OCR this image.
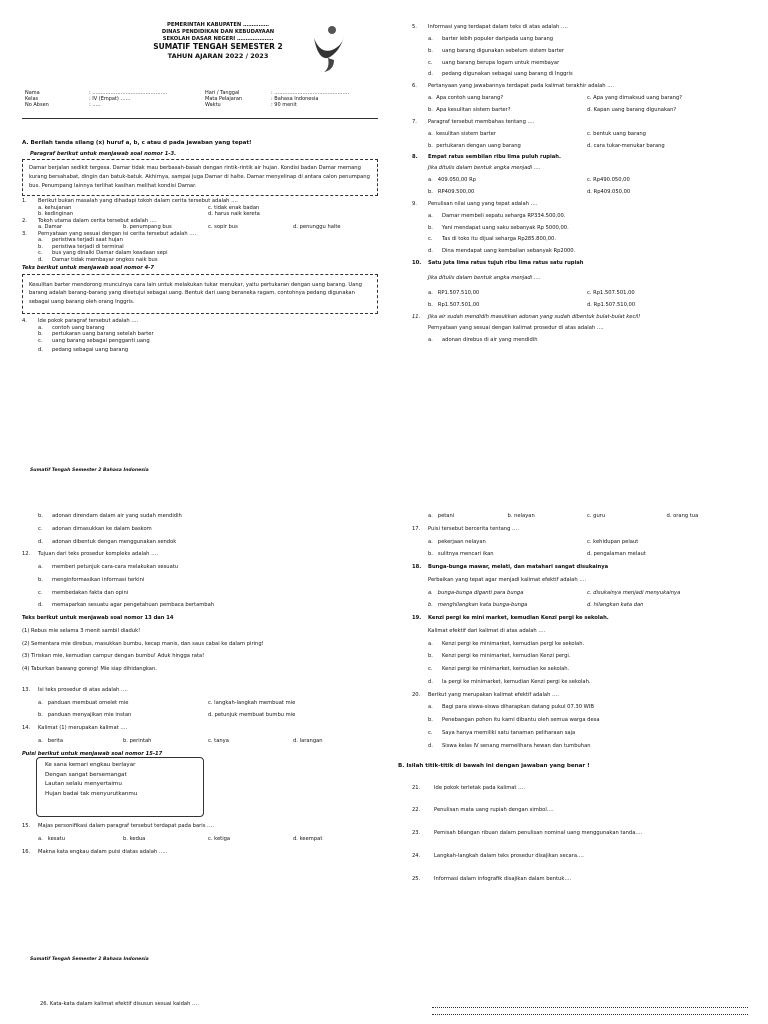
PEMERINTAH KABUPATEN ……………
DINAS PENDIDIKAN DAN KEBUDAYAAN
SEKOLAH DASAR NEGERI …………………
SUMATIF TENGAH SEMESTER 2
TAHUN AJARAN 2022 / 2023
Nama	: ………………………………………	Hari / Tanggal	: ………………………………………
Kelas	: IV (Empat) ……	Mata Pelajaran	: Bahasa Indonesia
No Absen	: …..	Waktu	: 90 menit
A. Berilah tanda silang (x) huruf a, b, c atau d pada jawaban yang tepat!
Paragraf berikut untuk menjawab soal nomor 1-3.
Damar berjalan sedikit tergesa. Damar tidak mau berbasah-basah dengan rintik-rintik air hujan. Kondisi badan Damar memang kurang bersahabat, dingin dan batuk-batuk. Akhirnya, sampai juga Damar di halte. Damar menyelinap di antara calon penumpang bus. Penumpang lainnya terlihat kasihan melihat kondisi Damar.
1. Berikut bukan masalah yang dihadapi tokoh dalam cerita tersebut adalah ….
a. kehujanan	c. tidak enak badan
b. kedinginan	d. harus naik kereta
2. Tokoh utama dalam cerita tersebut adalah ….
a. Damar	b. penumpang bus	c. sopir bus	d. penunggu halte
3. Pernyataan yang sesuai dengan isi cerita tersebut adalah ….
a. peristiwa terjadi saat hujan
b. peristiwa terjadi di terminal
c. bus yang dinaiki Damar dalam keadaan sepi
d. Damar tidak membayar ongkos naik bus
Teks berikut untuk menjawab soal nomor 4-7
Kesulitan barter mendorong munculnya cara lain untuk melakukan tukar menukar, yaitu pertukaran dengan uang barang. Uang barang adalah barang-barang yang disetujui sebagai uang. Bentuk dari uang beraneka ragam, contohnya pedang digunakan sebagai uang barang oleh orang Inggris.
4. Ide pokok paragraf tersebut adalah ….
a. contoh uang barang
b. pertukaran uang barang setelah barter
c. uang barang sebagai pengganti uang
d. pedang sebagai uang barang
Sumatif Tengah Semester 2 Bahasa Indonesia
5. Informasi yang terdapat dalam teks di atas adalah ….
a. barter lebih populer daripada uang barang
b. uang barang digunakan sebelum sistem barter
c. uang barang berupa logam untuk membayar
d. pedang digunakan sebagai uang barang di Inggris
6. Pertanyaan yang jawabannya terdapat pada kalimat terakhir adalah ….
a.  Apa contoh uang barang?	c. Apa yang dimaksud uang barang?
b.  Apa kesulitan sistem barter?	d. Kapan uang barang digunakan?
7. Paragraf tersebut membahas tentang ….
a.  kesulitan sistem barter	c. bentuk uang barang
b.  pertukaran dengan uang barang	d. cara tukar-menukar barang
8. Empat ratus sembilan ribu lima puluh rupiah.
Jika ditulis dalam bentuk angka menjadi ….
a.   409.050,00 Rp	c. Rp490.050,00
b.   RP409.500,00	d. Rp409.050,00
9. Penulisan nilai uang yang tepat adalah ….
a. Damar membeli sepatu seharga RP334.500,00.
b. Yani mendapat uang saku sebanyak Rp 5000,00.
c. Tas di toko itu dijual seharga Rp285.800,00.
d. Dina mendapat uang kembalian sebanyak Rp2000.
10. Satu juta lima ratus tujuh ribu lima ratus satu rupiah
Jika ditulis dalam bentuk angka menjadi ….
a.   RP1.507.510,00	c. Rp1.507.501,00
b.   Rp1.507.501,00	d. Rp1.507.510,00
11. Jika air sudah mendidih masukkan adonan yang sudah dibentuk bulat-bulat kecil!
Pernyataan yang sesuai dengan kalimat prosedur di atas adalah ….
a. adonan direbus di air yang mendidih
b. adonan direndam dalam air yang sudah mendidih
c. adonan dimasukkan ke dalam baskom
d. adonan dibentuk dengan menggunakan sendok
12. Tujuan dari teks prosedur kompleks adalah ….
a. memberi petunjuk cara-cara melakukan sesuatu
b. menginformasikan informasi terkini
c. membedakan fakta dan opini
d. memaparkan sesuatu agar pengetahuan pembaca bertambah
Teks berikut untuk menjawab soal nomor 13 dan 14
(1) Rebus mie selama 3 menit sambil diaduk!
(2) Sementara mie direbus, masukkan bumbu, kecap manis, dan saus cabai ke dalam piring!
(3) Tiriskan mie, kemudian campur dengan bumbu! Aduk hingga rata!
(4) Taburkan bawang goreng! Mie siap dihidangkan.
13. Isi teks prosedur di atas adalah ….
a.   panduan membuat omelet mie	c. langkah-langkah membuat mie
b.   panduan menyajikan mie instan	d. petunjuk membuat bumbu mie
14. Kalimat (1) merupakan kalimat ….
a.   berita	b. perintah	c. tanya	d. larangan
Puisi berikut untuk menjawab soal nomor 15-17
Ke sana kemari engkau berlayar
Dengan sangat bersemangat
Lautan selalu menyertaimu
Hujan badai tak menyurutkanmu
15. Majas personifikasi dalam paragraf tersebut terdapat pada baris ….
a.   kesatu	b. kedua	c. ketiga	d. keempat
16. Makna kata engkau dalam puisi diatas adalah …..
Sumatif Tengah Semester 2 Bahasa Indonesia
a.   petani	b. nelayan	c. guru	d. orang tua
17. Puisi tersebut bercerita tentang ….
a.   pekerjaan nelayan	c. kehidupan pelaut
b.   sulitnya mencari ikan	d. pengalaman melaut
18. Bunga-bunga mawar, melati, dan matahari sangat disukainya
Perbaikan yang tepat agar menjadi kalimat efektif adalah ….
a.   bunga-bunga diganti para bunga	c. disukainya menjadi menyukainya
b.   menghilangkan kata bunga-bunga	d. hilangkan kata dan
19. Kenzi pergi ke mini market, kemudian Kenzi pergi ke sekolah.
Kalimat efektif dari kalimat di atas adalah ….
a. Kenzi pergi ke minimarket, kemudian pergi ke sekolah.
b. Kenzi pergi ke minimarket, kemudian Kenzi pergi.
c. Kenzi pergi ke minimarket, kemudian ke sekolah.
d. Ia pergi ke minimarket, kemudian Kenzi pergi ke sekolah.
20. Berikut yang merupakan kalimat efektif adalah ….
a. Bagi para siswa-siswa diharapkan datang pukul 07.30 WIB
b. Penebangan pohon itu kami dibantu oleh semua warga desa
c. Saya hanya memiliki satu tanaman peliharaan saja
d. Siswa kelas IV senang memelihara hewan dan tumbuhan
B. Isilah titik-titik di bawah ini dengan jawaban yang benar !
21.	Ide pokok terletak pada kalimat ….
22.	Penulisan mata uang rupiah dengan simbol….
23.	Pemisah bilangan ribuan dalam penulisan nominal uang menggunakan tanda….
24.	Langkah-langkah dalam teks prosedur disajikan secara….
25.	Informasi dalam infografik disajikan dalam bentuk….
26. Kata-kata dalam kalimat efektif disusun sesuai kaidah ….
